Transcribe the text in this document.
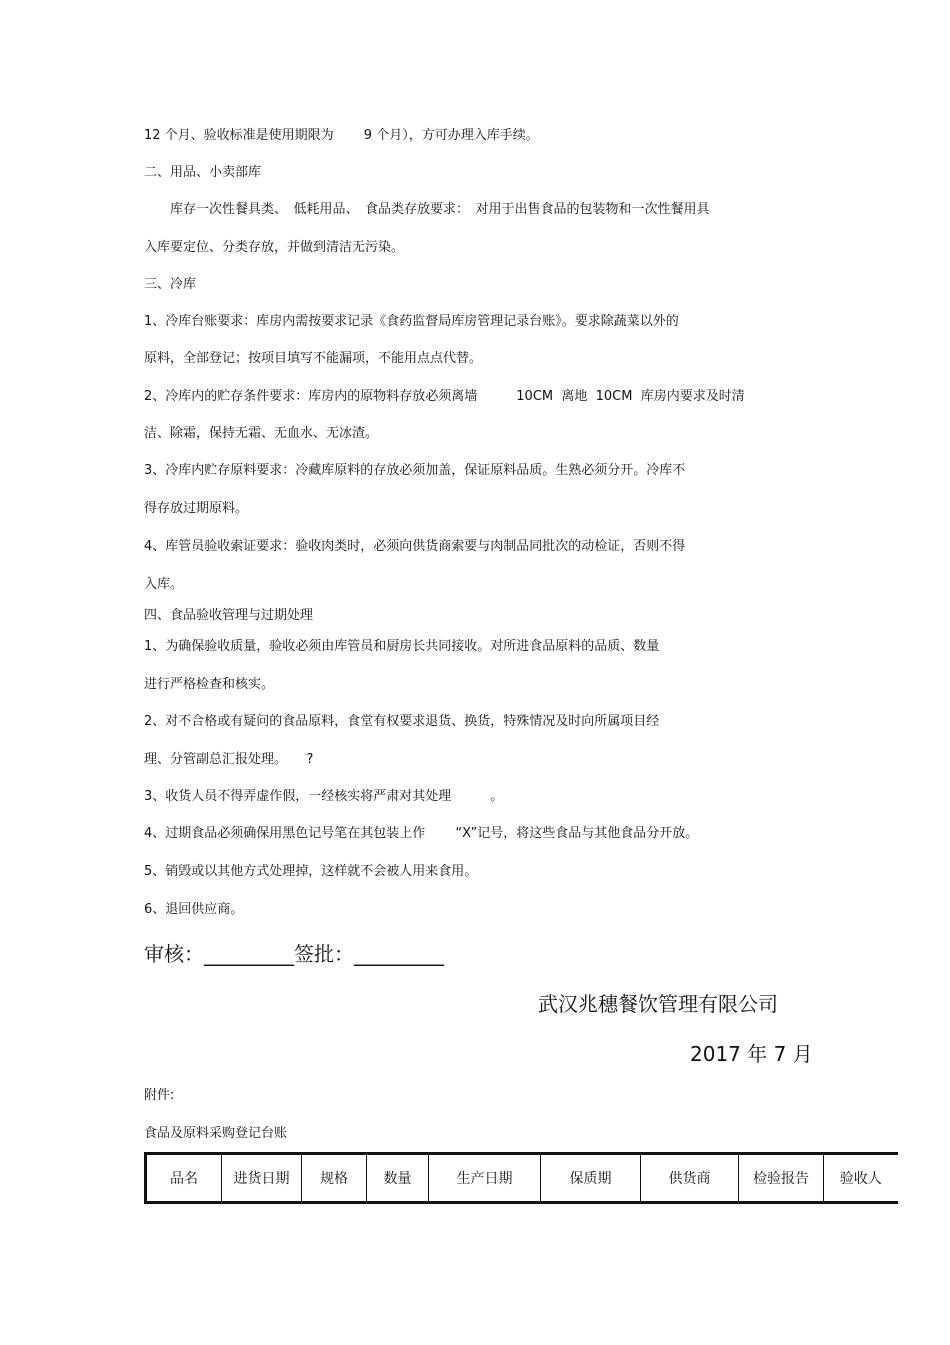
12 个月、验收标准是使用期限为　　 9 个月），方可办理入库手续。
二、用品、小卖部库
　　库存一次性餐具类、　低耗用品、　食品类存放要求：　对用于出售食品的包装物和一次性餐用具
入库要定位、分类存放，并做到清洁无污染。
三、冷库
1、冷库台账要求：库房内需按要求记录《食药监督局库房管理记录台账》。要求除蔬菜以外的
原料，全部登记；按项目填写不能漏项，不能用点点代替。
2、冷库内的贮存条件要求：库房内的原物料存放必须离墙　　　10CM  离地  10CM  库房内要求及时清
洁、除霜，保持无霜、无血水、无冰渣。
3、冷库内贮存原料要求：冷藏库原料的存放必须加盖，保证原料品质。生熟必须分开。冷库不
得存放过期原料。
4、库管员验收索证要求：验收肉类时，必须向供货商索要与肉制品同批次的动检证，否则不得
入库。
四、食品验收管理与过期处理
1、为确保验收质量，验收必须由库管员和厨房长共同接收。对所进食品原料的品质、数量
进行严格检查和核实。
2、对不合格或有疑问的食品原料，食堂有权要求退货、换货，特殊情况及时向所属项目经
理、分管副总汇报处理。　　?
3、收货人员不得弄虚作假，一经核实将严肃对其处理　　　。
4、过期食品必须确保用黑色记号笔在其包装上作　　 “X”记号，将这些食品与其他食品分开放。
5、销毁或以其他方式处理掉，这样就不会被人用来食用。
6、退回供应商。
审核：_________签批：_________
武汉兆穗餐饮管理有限公司
2017 年 7 月
附件:
食品及原料采购登记台账
品名	进货日期	规格	数量	生产日期	保质期	供货商	检验报告	验收人
